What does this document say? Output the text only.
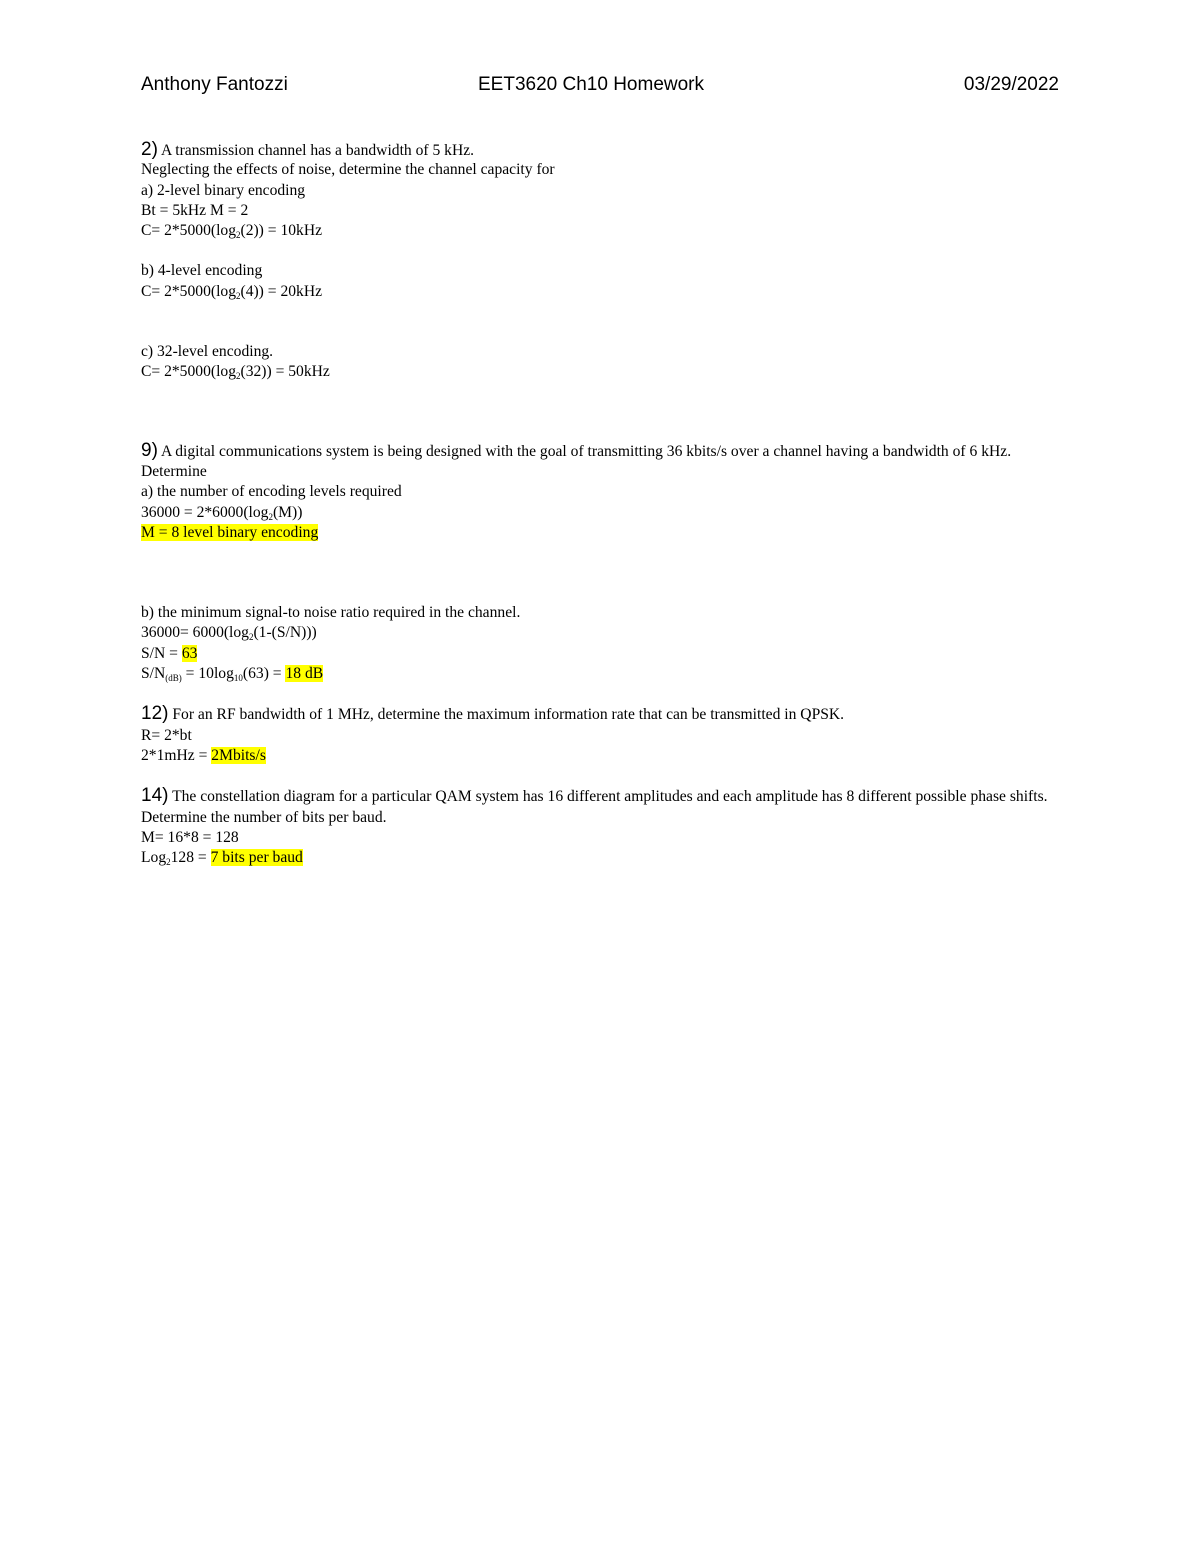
Anthony Fantozzi	EET3620 Ch10 Homework	03/29/2022
2) A transmission channel has a bandwidth of 5 kHz.
Neglecting the effects of noise, determine the channel capacity for
a) 2-level binary encoding
Bt = 5kHz M = 2
$C= 2*5000(\log_2(2)) = 10kHz$
b) 4-level encoding
$C= 2*5000(\log_2(4)) = 20kHz$
c) 32-level encoding.
$C= 2*5000(\log_2(32)) = 50kHz$
9) A digital communications system is being designed with the goal of transmitting 36 kbits/s over a channel having a bandwidth of 6 kHz. Determine
a) the number of encoding levels required
$36000 = 2*6000(\log_2(M))$
M = 8 level binary encoding
b) the minimum signal-to noise ratio required in the channel.
$36000= 6000(\log_2(1-(S/N)))$
S/N = 63
$S/N_{(dB)} = 10\log_{10}(63) = 18$ dB
12) For an RF bandwidth of 1 MHz, determine the maximum information rate that can be transmitted in QPSK.
R= 2*bt
2*1mHz = 2Mbits/s
14) The constellation diagram for a particular QAM system has 16 different amplitudes and each amplitude has 8 different possible phase shifts. Determine the number of bits per baud.
M= 16*8 = 128
Log$_2$128 = 7 bits per baud
